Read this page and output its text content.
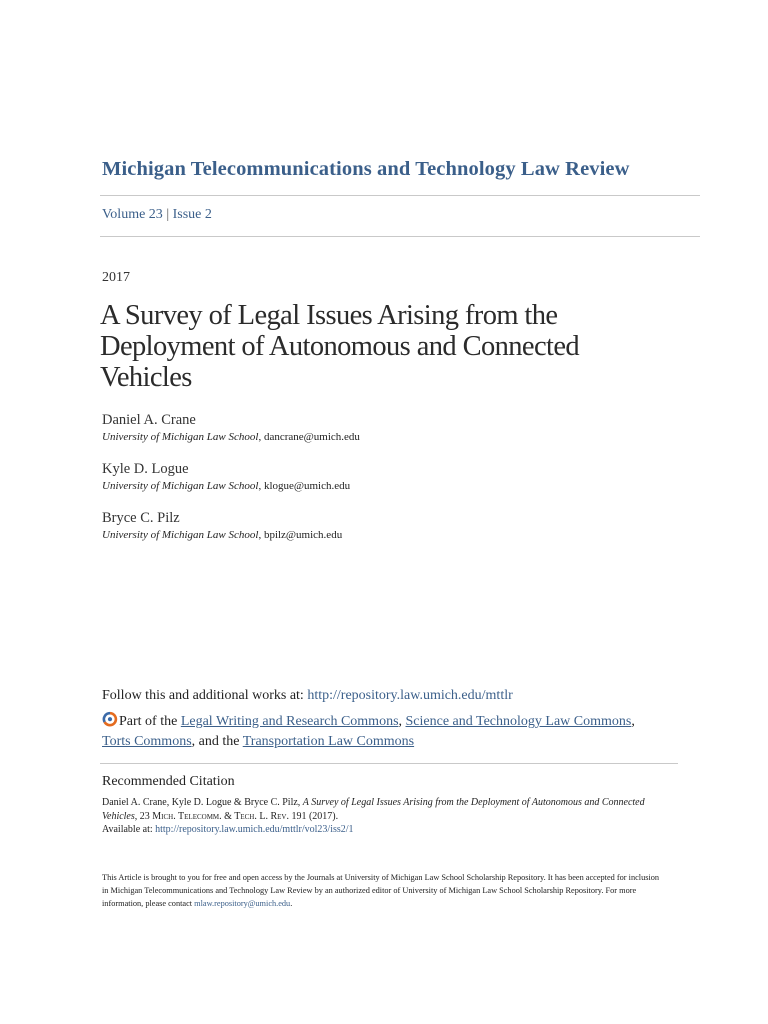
Michigan Telecommunications and Technology Law Review
Volume 23 | Issue 2
2017
A Survey of Legal Issues Arising from the Deployment of Autonomous and Connected Vehicles

Daniel A. Crane

University of Michigan Law School, dancrane@umich.edu

Kyle D. Logue

University of Michigan Law School, klogue@umich.edu

Bryce C. Pilz

University of Michigan Law School, bpilz@umich.edu

Follow this and additional works at: http://repository.law.umich.edu/mttlr
Part of the Legal Writing and Research Commons, Science and Technology Law Commons, Torts Commons, and the Transportation Law Commons
Recommended Citation
Daniel A. Crane, Kyle D. Logue & Bryce C. Pilz, A Survey of Legal Issues Arising from the Deployment of Autonomous and Connected Vehicles, 23 Mich. Telecomm. & Tech. L. Rev. 191 (2017).
Available at: http://repository.law.umich.edu/mttlr/vol23/iss2/1
This Article is brought to you for free and open access by the Journals at University of Michigan Law School Scholarship Repository. It has been accepted for inclusion in Michigan Telecommunications and Technology Law Review by an authorized editor of University of Michigan Law School Scholarship Repository. For more information, please contact mlaw.repository@umich.edu.
